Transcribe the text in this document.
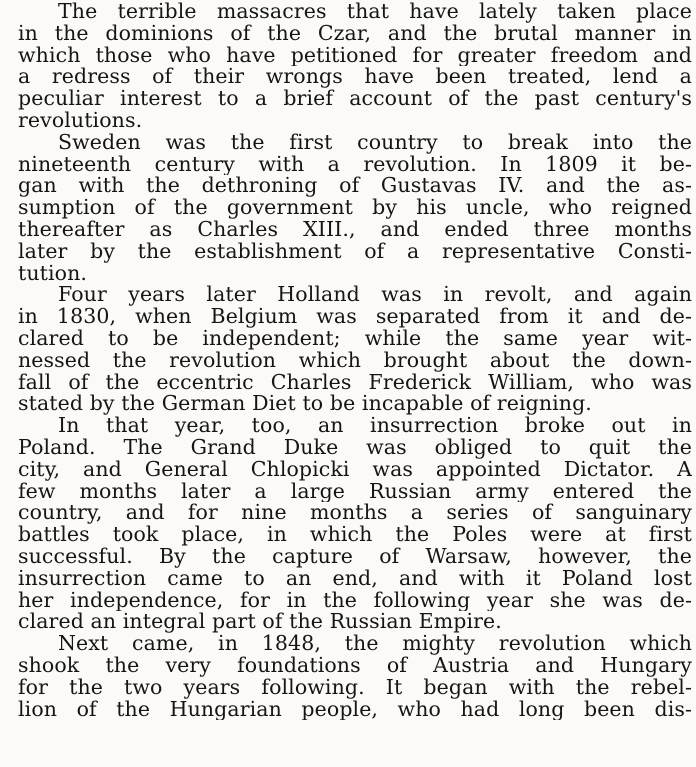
The terrible massacres that have lately taken place
in the dominions of the Czar, and the brutal manner in
which those who have petitioned for greater freedom and
a redress of their wrongs have been treated, lend a
peculiar interest to a brief account of the past century's
revolutions.
Sweden was the first country to break into the
nineteenth century with a revolution. In 1809 it be-
gan with the dethroning of Gustavas IV. and the as-
sumption of the government by his uncle, who reigned
thereafter as Charles XIII., and ended three months
later by the establishment of a representative Consti-
tution.
Four years later Holland was in revolt, and again
in 1830, when Belgium was separated from it and de-
clared to be independent; while the same year wit-
nessed the revolution which brought about the down-
fall of the eccentric Charles Frederick William, who was
stated by the German Diet to be incapable of reigning.
In that year, too, an insurrection broke out in
Poland. The Grand Duke was obliged to quit the
city, and General Chlopicki was appointed Dictator. A
few months later a large Russian army entered the
country, and for nine months a series of sanguinary
battles took place, in which the Poles were at first
successful. By the capture of Warsaw, however, the
insurrection came to an end, and with it Poland lost
her independence, for in the following year she was de-
clared an integral part of the Russian Empire.
Next came, in 1848, the mighty revolution which
shook the very foundations of Austria and Hungary
for the two years following. It began with the rebel-
lion of the Hungarian people, who had long been dis-
